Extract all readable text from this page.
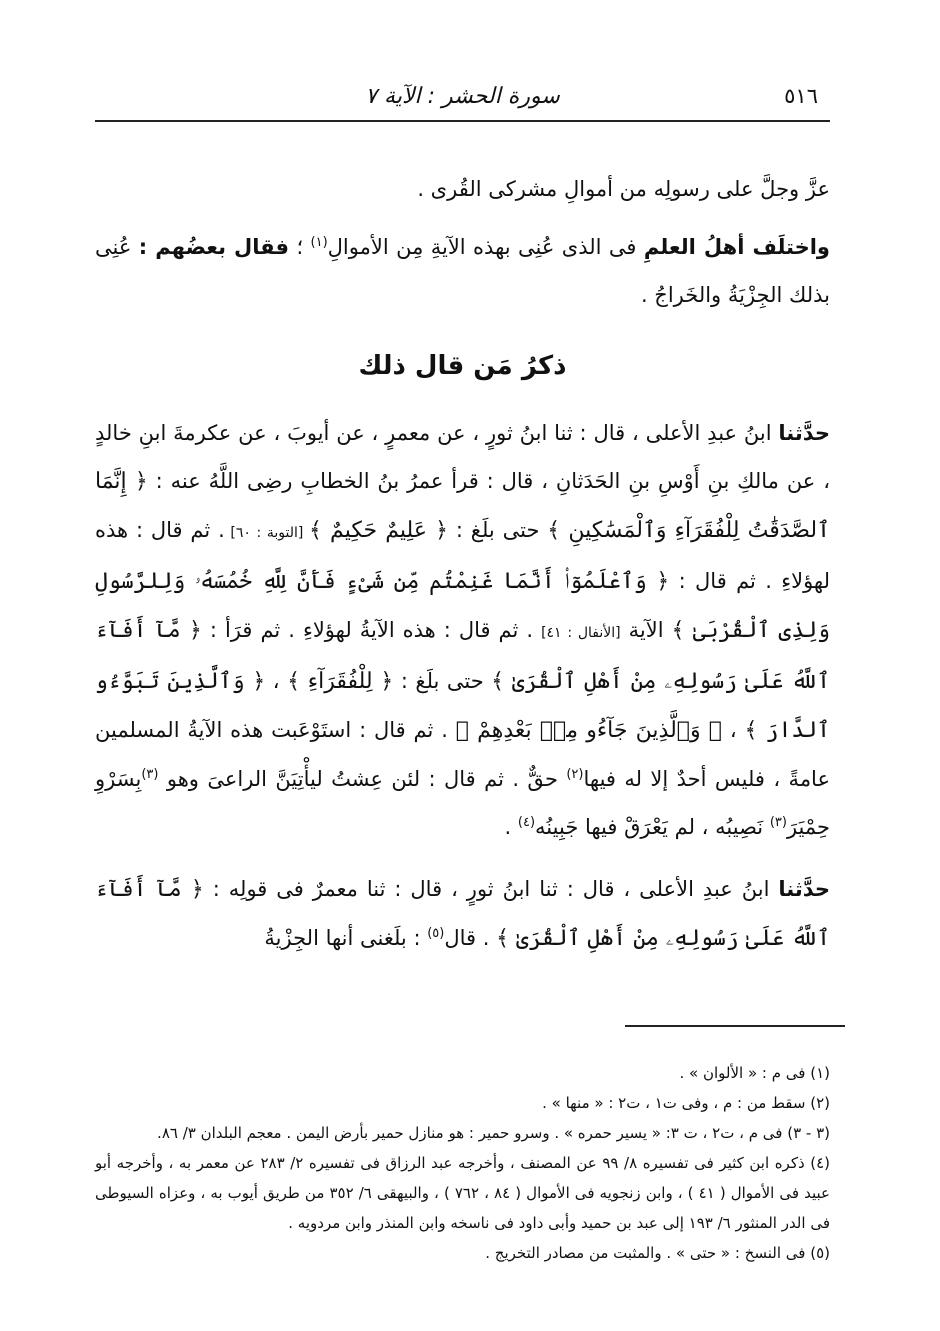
٥١٦
سورة الحشر : الآية ٧

عزَّ وجلَّ على رسولِه من أموالِ مشركى القُرى .

واختلَف أهلُ العلمِ فى الذى عُنِى بهذه الآيةِ مِن الأموالِ$^{(١)}$ ؛ فقال بعضُهم : عُنِى بذلك الجِزْيَةُ والخَراجُ .

ذكرُ مَن قال ذلك

حدَّثنا ابنُ عبدِ الأعلى ، قال : ثنا ابنُ ثورٍ ، عن معمرٍ ، عن أيوبَ ، عن عكرمةَ ابنِ خالدٍ ، عن مالكِ بنِ أَوْسِ بنِ الحَدَثانِ ، قال : قرأ عمرُ بنُ الخطابِ رضِى اللَّهُ عنه : ﴿ إِنَّمَا ٱلصَّدَقَٰتُ لِلْفُقَرَآءِ وَٱلْمَسَٰكِينِ ﴾ حتى بلَغ : ﴿ عَلِيمٌ حَكِيمٌ ﴾ [التوبة : ٦٠] . ثم قال : هذه لهؤلاءِ . ثم قال : ﴿ وَٱعْلَمُوٓا۟ أَنَّمَا غَنِمْتُم مِّن شَىْءٍ فَأَنَّ لِلَّهِ خُمُسَهُۥ وَلِلرَّسُولِ وَلِذِى ٱلْقُرْبَىٰ ﴾ الآية [الأنفال : ٤١] . ثم قال : هذه الآيةُ لهؤلاءِ . ثم قرَأ : ﴿ مَّآ أَفَآءَ ٱللَّهُ عَلَىٰ رَسُولِهِۦ مِنْ أَهْلِ ٱلْقُرَىٰ ﴾ حتى بلَغ : ﴿ لِلْفُقَرَآءِ ﴾ ، ﴿ وَٱلَّذِينَ تَبَوَّءُو ٱلدَّارَ ﴾ ، ﴿ وَٱلَّذِينَ جَآءُو مِنۢ بَعْدِهِمْ ﴾ . ثم قال : استَوْعَبت هذه الآيةُ المسلمين عامةً ، فليس أحدٌ إلا له فيها$^{(٢)}$ حقٌّ . ثم قال : لئن عِشتُ ليأْتِيَنَّ الراعىَ وهو $^{(٣)}$بِسَرْوِ حِمْيَرَ$^{(٣)}$ نَصِيبُه ، لم يَعْرَقْ فيها جَبِينُه$^{(٤)}$ .

حدَّثنا ابنُ عبدِ الأعلى ، قال : ثنا ابنُ ثورٍ ، قال : ثنا معمرٌ فى قولِه : ﴿ مَّآ أَفَآءَ ٱللَّهُ عَلَىٰ رَسُولِهِۦ مِنْ أَهْلِ ٱلْقُرَىٰ ﴾ . قال$^{(٥)}$ : بلَغنى أنها الجِزْيةُ

(١) فى م : « الألوان » .

(٢) سقط من : م ، وفى ت١ ، ت٢ : « منها » .

(٣ - ٣) فى م ، ت٢ ، ت ٣: « يسير حمره » . وسرو حمير : هو منازل حمير بأرض اليمن . معجم البلدان ٣/ ٨٦.

(٤) ذكره ابن كثير فى تفسيره ٨/ ٩٩ عن المصنف ، وأخرجه عبد الرزاق فى تفسيره ٢/ ٢٨٣ عن معمر به ، وأخرجه أبو عبيد فى الأموال ( ٤١ ) ، وابن زنجويه فى الأموال ( ٨٤ ، ٧٦٢ ) ، والبيهقى ٦/ ٣٥٢ من طريق أيوب به ، وعزاه السيوطى فى الدر المنثور ٦/ ١٩٣ إلى عبد بن حميد وأبى داود فى ناسخه وابن المنذر وابن مردويه .

(٥) فى النسخ : « حتى » . والمثبت من مصادر التخريج .
